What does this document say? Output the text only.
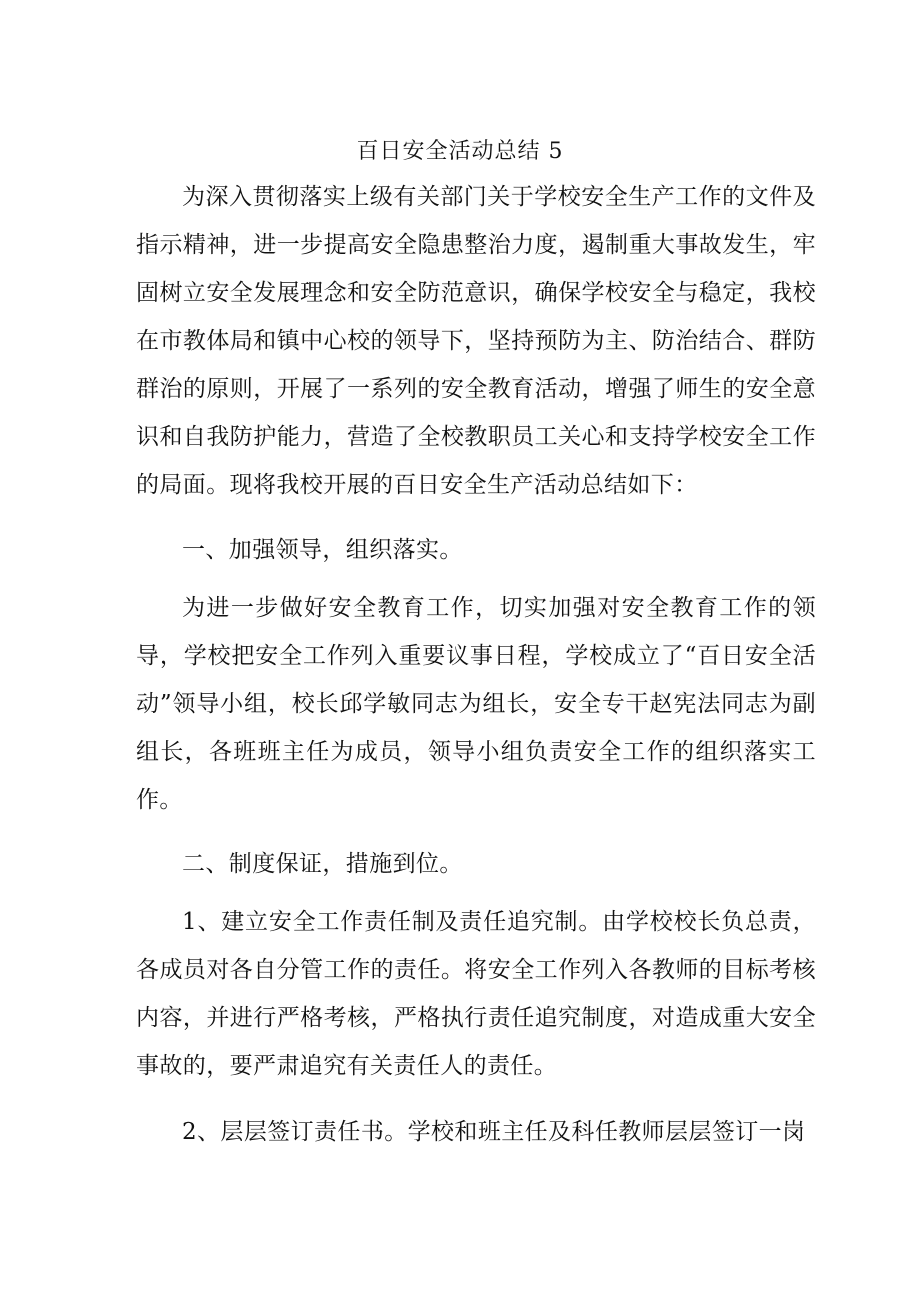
百日安全活动总结 5

为深入贯彻落实上级有关部门关于学校安全生产工作的文件及指示精神，进一步提高安全隐患整治力度，遏制重大事故发生，牢固树立安全发展理念和安全防范意识，确保学校安全与稳定，我校在市教体局和镇中心校的领导下，坚持预防为主、防治结合、群防群治的原则，开展了一系列的安全教育活动，增强了师生的安全意识和自我防护能力，营造了全校教职员工关心和支持学校安全工作的局面。现将我校开展的百日安全生产活动总结如下：

一、加强领导，组织落实。

为进一步做好安全教育工作，切实加强对安全教育工作的领导，学校把安全工作列入重要议事日程，学校成立了“百日安全活动”领导小组，校长邱学敏同志为组长，安全专干赵宪法同志为副组长，各班班主任为成员，领导小组负责安全工作的组织落实工作。

二、制度保证，措施到位。

1、建立安全工作责任制及责任追究制。由学校校长负总责，各成员对各自分管工作的责任。将安全工作列入各教师的目标考核内容，并进行严格考核，严格执行责任追究制度，对造成重大安全事故的，要严肃追究有关责任人的责任。

2、层层签订责任书。学校和班主任及科任教师层层签订一岗
